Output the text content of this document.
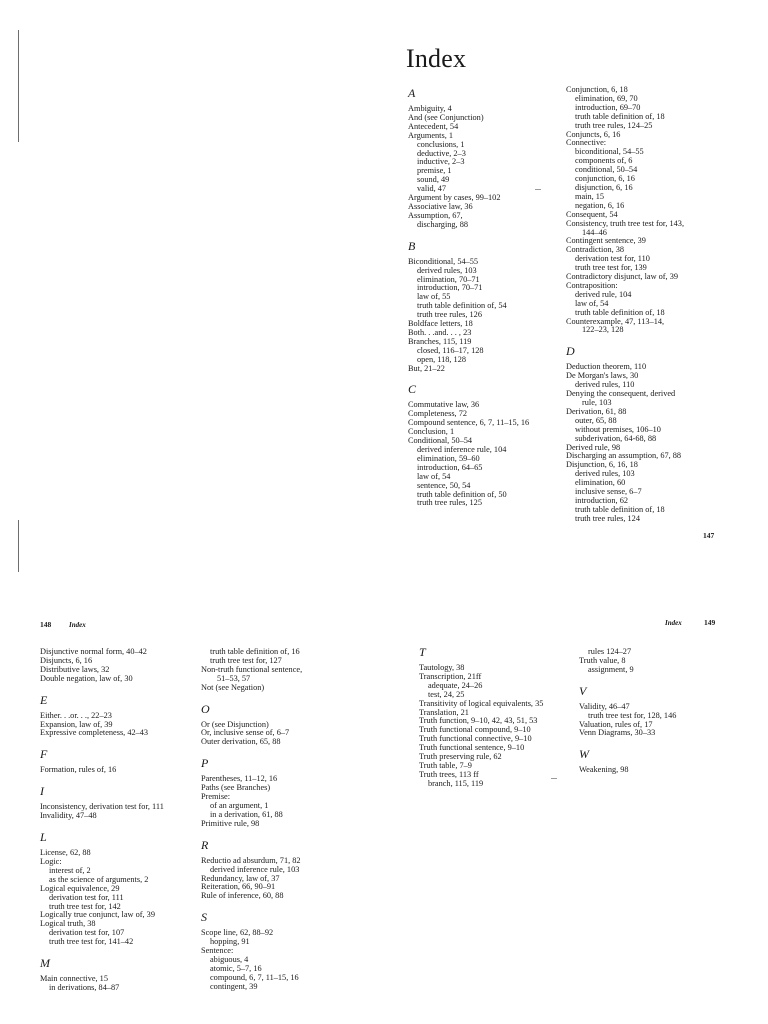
Index
A
Ambiguity, 4
And (see Conjunction)
Antecedent, 54
Arguments, 1
conclusions, 1
deductive, 2–3
inductive, 2–3
premise, 1
sound, 49
valid, 47
Argument by cases, 99–102
Associative law, 36
Assumption, 67,
discharging, 88
B
Biconditional, 54–55
derived rules, 103
elimination, 70–71
introduction, 70–71
law of, 55
truth table definition of, 54
truth tree rules, 126
Boldface letters, 18
Both. . .and. . . , 23
Branches, 115, 119
closed, 116–17, 128
open, 118, 128
But, 21–22
C
Commutative law, 36
Completeness, 72
Compound sentence, 6, 7, 11–15, 16
Conclusion, 1
Conditional, 50–54
derived inference rule, 104
elimination, 59–60
introduction, 64–65
law of, 54
sentence, 50, 54
truth table definition of, 50
truth tree rules, 125
Conjunction, 6, 18
elimination, 69, 70
introduction, 69–70
truth table definition of, 18
truth tree rules, 124–25
Conjuncts, 6, 16
Connective:
biconditional, 54–55
components of, 6
conditional, 50–54
conjunction, 6, 16
disjunction, 6, 16
main, 15
negation, 6, 16
Consequent, 54
Consistency, truth tree test for, 143,
144–46
Contingent sentence, 39
Contradiction, 38
derivation test for, 110
truth tree test for, 139
Contradictory disjunct, law of, 39
Contraposition:
derived rule, 104
law of, 54
truth table definition of, 18
Counterexample, 47, 113–14,
122–23, 128
D
Deduction theorem, 110
De Morgan's laws, 30
derived rules, 110
Denying the consequent, derived
rule, 103
Derivation, 61, 88
outer, 65, 88
without premises, 106–10
subderivation, 64-68, 88
Derived rule, 98
Discharging an assumption, 67, 88
Disjunction, 6, 16, 18
derived rules, 103
elimination, 60
inclusive sense, 6–7
introduction, 62
truth table definition of, 18
truth tree rules, 124
147
148	Index	Index	149
Disjunctive normal form, 40–42
Disjuncts, 6, 16
Distributive laws, 32
Double negation, law of, 30
E
Either. . .or. . ., 22–23
Expansion, law of, 39
Expressive completeness, 42–43
F
Formation, rules of, 16
I
Inconsistency, derivation test for, 111
Invalidity, 47–48
L
License, 62, 88
Logic:
interest of, 2
as the science of arguments, 2
Logical equivalence, 29
derivation test for, 111
truth tree test for, 142
Logically true conjunct, law of, 39
Logical truth, 38
derivation test for, 107
truth tree test for, 141–42
M
Main connective, 15
in derivations, 84–87
truth table definition of, 16
truth tree test for, 127
Non-truth functional sentence,
51–53, 57
Not (see Negation)
O
Or (see Disjunction)
Or, inclusive sense of, 6–7
Outer derivation, 65, 88
P
Parentheses, 11–12, 16
Paths (see Branches)
Premise:
of an argument, 1
in a derivation, 61, 88
Primitive rule, 98
R
Reductio ad absurdum, 71, 82
derived inference rule, 103
Redundancy, law of, 37
Reiteration, 66, 90–91
Rule of inference, 60, 88
S
Scope line, 62, 88–92
hopping, 91
Sentence:
abiguous, 4
atomic, 5–7, 16
compound, 6, 7, 11–15, 16
contingent, 39
T
Tautology, 38
Transcription, 21ff
adequate, 24–26
test, 24, 25
Transitivity of logical equivalents, 35
Translation, 21
Truth function, 9–10, 42, 43, 51, 53
Truth functional compound, 9–10
Truth functional connective, 9–10
Truth functional sentence, 9–10
Truth preserving rule, 62
Truth table, 7–9
Truth trees, 113 ff
branch, 115, 119
rules 124–27
Truth value, 8
assignment, 9
V
Validity, 46–47
truth tree test for, 128, 146
Valuation, rules of, 17
Venn Diagrams, 30–33
W
Weakening, 98
